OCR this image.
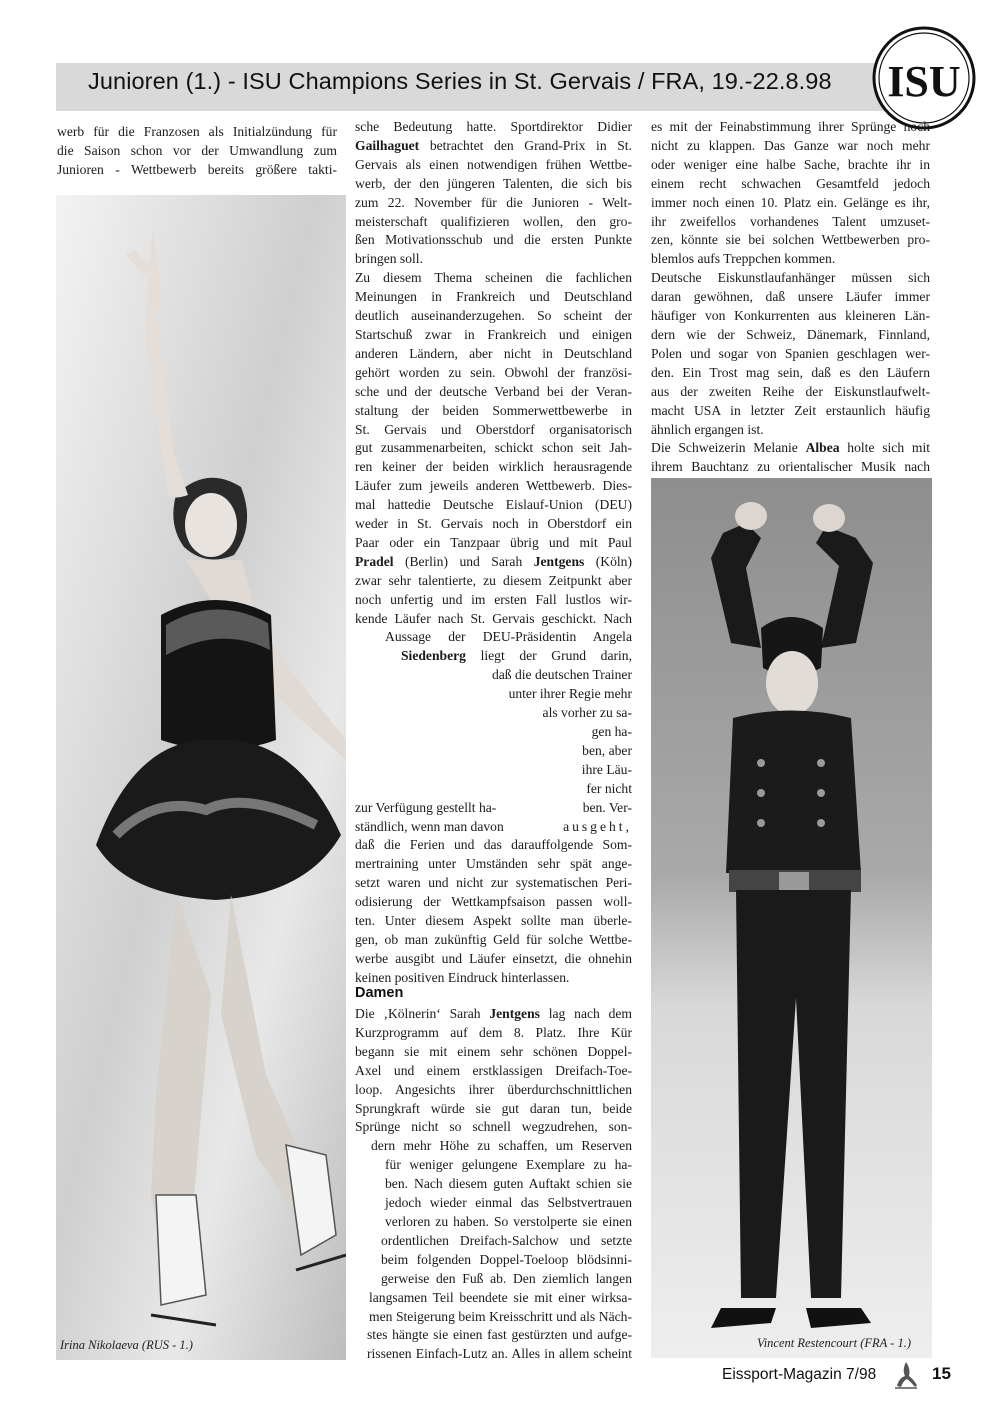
Junioren (1.) - ISU Champions Series in St. Gervais / FRA, 19.-22.8.98 ISU
werb für die Franzosen als Initialzündung für
die Saison schon vor der Umwandlung zum
Junioren - Wettbewerb bereits größere takti-
sche Bedeutung hatte. Sportdirektor Didier
Gailhaguet betrachtet den Grand-Prix in St.
Gervais als einen notwendigen frühen Wettbe-
werb, der den jüngeren Talenten, die sich bis
zum 22. November für die Junioren - Welt-
meisterschaft qualifizieren wollen, den gro-
ßen Motivationsschub und die ersten Punkte
bringen soll.
Zu diesem Thema scheinen die fachlichen
Meinungen in Frankreich und Deutschland
deutlich auseinanderzugehen. So scheint der
Startschuß zwar in Frankreich und einigen
anderen Ländern, aber nicht in Deutschland
gehört worden zu sein. Obwohl der französi-
sche und der deutsche Verband bei der Veran-
staltung der beiden Sommerwettbewerbe in
St. Gervais und Oberstdorf organisatorisch
gut zusammenarbeiten, schickt schon seit Jah-
ren keiner der beiden wirklich herausragende
Läufer zum jeweils anderen Wettbewerb. Dies-
mal hattedie Deutsche Eislauf-Union (DEU)
weder in St. Gervais noch in Oberstdorf ein
Paar oder ein Tanzpaar übrig und mit Paul
Pradel (Berlin) und Sarah Jentgens (Köln)
zwar sehr talentierte, zu diesem Zeitpunkt aber
noch unfertig und im ersten Fall lustlos wir-
kende Läufer nach St. Gervais geschickt. Nach
Aussage der DEU-Präsidentin Angela
Siedenberg liegt der Grund darin,
daß die deutschen Trainer
unter ihrer Regie mehr
als vorher zu sa-
gen ha-
ben, aber
ihre Läu-
fer nicht
zur Verfügung gestellt ha-	ben. Ver-
ständlich, wenn man davon	ausgeht,
daß die Ferien und das darauffolgende Som-
mertraining unter Umständen sehr spät ange-
setzt waren und nicht zur systematischen Peri-
odisierung der Wettkampfsaison passen woll-
ten. Unter diesem Aspekt sollte man überle-
gen, ob man zukünftig Geld für solche Wettbe-
werbe ausgibt und Läufer einsetzt, die ohnehin
keinen positiven Eindruck hinterlassen.
Damen
Die ‚Kölnerin‘ Sarah Jentgens lag nach dem
Kurzprogramm auf dem 8. Platz. Ihre Kür
begann sie mit einem sehr schönen Doppel-
Axel und einem erstklassigen Dreifach-Toe-
loop. Angesichts ihrer überdurchschnittlichen
Sprungkraft würde sie gut daran tun, beide
Sprünge nicht so schnell wegzudrehen, son-
dern mehr Höhe zu schaffen, um Reserven
für weniger gelungene Exemplare zu ha-
ben. Nach diesem guten Auftakt schien sie
jedoch wieder einmal das Selbstvertrauen
verloren zu haben. So verstolperte sie einen
ordentlichen Dreifach-Salchow und setzte
beim folgenden Doppel-Toeloop blödsinni-
gerweise den Fuß ab. Den ziemlich langen
langsamen Teil beendete sie mit einer wirksa-
men Steigerung beim Kreisschritt und als Näch-
stes hängte sie einen fast gestürzten und aufge-
rissenen Einfach-Lutz an. Alles in allem scheint
es mit der Feinabstimmung ihrer Sprünge noch
nicht zu klappen. Das Ganze war noch mehr
oder weniger eine halbe Sache, brachte ihr in
einem recht schwachen Gesamtfeld jedoch
immer noch einen 10. Platz ein. Gelänge es ihr,
ihr zweifellos vorhandenes Talent umzuset-
zen, könnte sie bei solchen Wettbewerben pro-
blemlos aufs Treppchen kommen.
Deutsche Eiskunstlaufanhänger müssen sich
daran gewöhnen, daß unsere Läufer immer
häufiger von Konkurrenten aus kleineren Län-
dern wie der Schweiz, Dänemark, Finnland,
Polen und sogar von Spanien geschlagen wer-
den. Ein Trost mag sein, daß es den Läufern
aus der zweiten Reihe der Eiskunstlaufwelt-
macht USA in letzter Zeit erstaunlich häufig
ähnlich ergangen ist.
Die Schweizerin Melanie Albea holte sich mit
ihrem Bauchtanz zu orientalischer Musik nach
Irina Nikolaeva (RUS - 1.)	Vincent Restencourt (FRA - 1.)
Eissport-Magazin 7/98	15
